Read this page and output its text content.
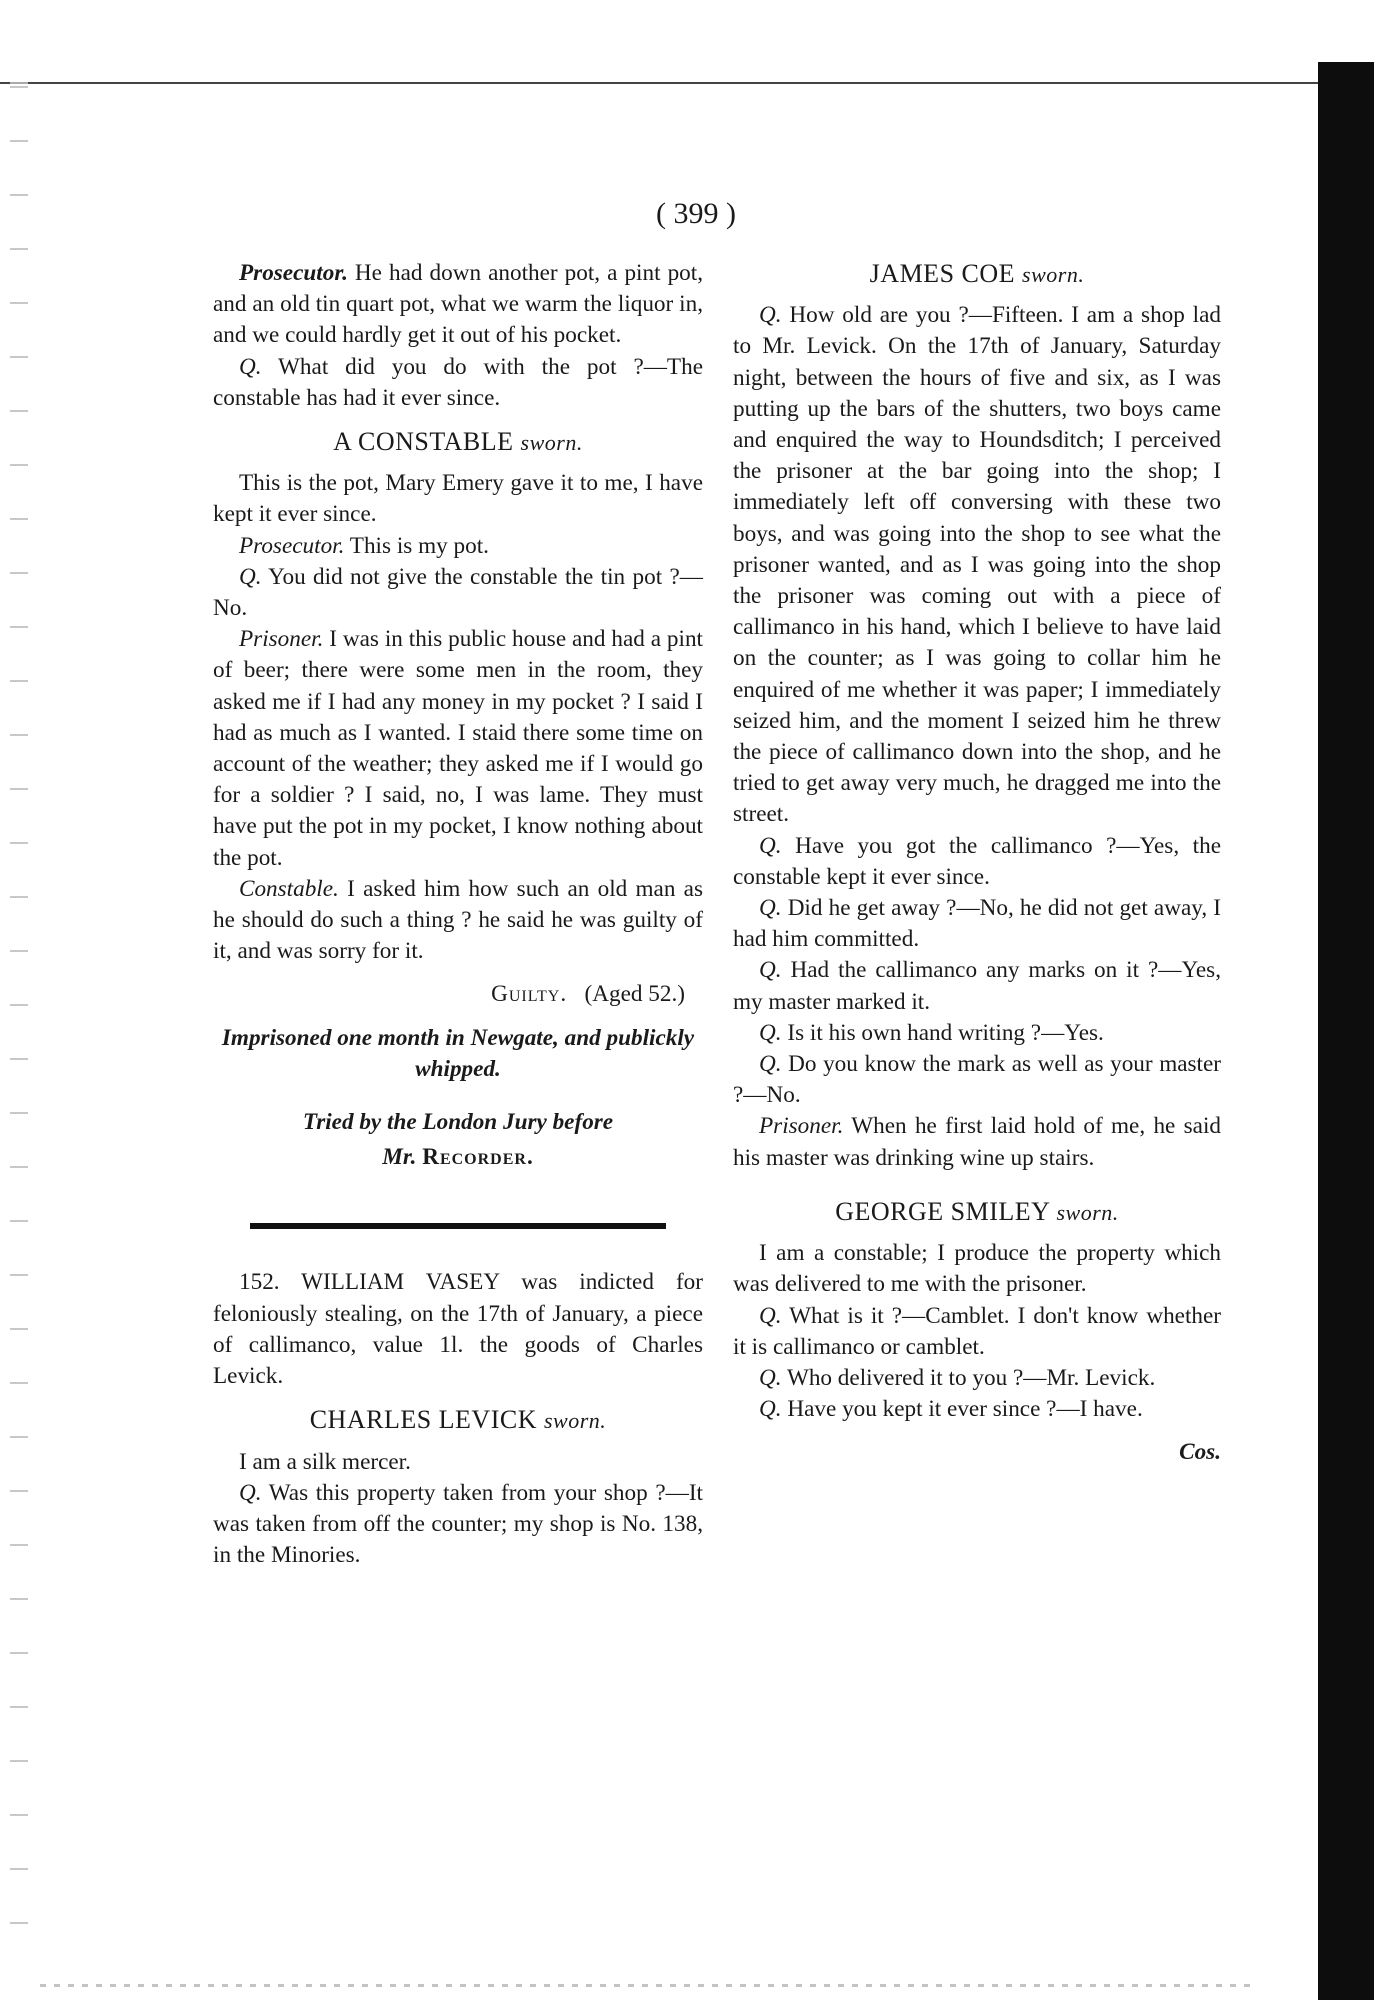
( 399 )

Prosecutor. He had down another pot, a pint pot, and an old tin quart pot, what we warm the liquor in, and we could hardly get it out of his pocket.

Q. What did you do with the pot ?—The constable has had it ever since.

A CONSTABLE sworn.

This is the pot, Mary Emery gave it to me, I have kept it ever since.

Prosecutor. This is my pot.

Q. You did not give the constable the tin pot ?—No.

Prisoner. I was in this public house and had a pint of beer; there were some men in the room, they asked me if I had any money in my pocket ? I said I had as much as I wanted. I staid there some time on account of the weather; they asked me if I would go for a soldier ? I said, no, I was lame. They must have put the pot in my pocket, I know nothing about the pot.

Constable. I asked him how such an old man as he should do such a thing ? he said he was guilty of it, and was sorry for it.

Guilty. (Aged 52.)

Imprisoned one month in Newgate, and publickly whipped.

Tried by the London Jury before

Mr. Recorder.

152. WILLIAM VASEY was indicted for feloniously stealing, on the 17th of January, a piece of callimanco, value 1l. the goods of Charles Levick.

CHARLES LEVICK sworn.

I am a silk mercer.

Q. Was this property taken from your shop ?—It was taken from off the counter; my shop is No. 138, in the Minories.

JAMES COE sworn.

Q. How old are you ?—Fifteen. I am a shop lad to Mr. Levick. On the 17th of January, Saturday night, between the hours of five and six, as I was putting up the bars of the shutters, two boys came and enquired the way to Houndsditch; I perceived the prisoner at the bar going into the shop; I immediately left off conversing with these two boys, and was going into the shop to see what the prisoner wanted, and as I was going into the shop the prisoner was coming out with a piece of callimanco in his hand, which I believe to have laid on the counter; as I was going to collar him he enquired of me whether it was paper; I immediately seized him, and the moment I seized him he threw the piece of callimanco down into the shop, and he tried to get away very much, he dragged me into the street.

Q. Have you got the callimanco ?—Yes, the constable kept it ever since.

Q. Did he get away ?—No, he did not get away, I had him committed.

Q. Had the callimanco any marks on it ?—Yes, my master marked it.

Q. Is it his own hand writing ?—Yes.

Q. Do you know the mark as well as your master ?—No.

Prisoner. When he first laid hold of me, he said his master was drinking wine up stairs.

GEORGE SMILEY sworn.

I am a constable; I produce the property which was delivered to me with the prisoner.

Q. What is it ?—Camblet. I don't know whether it is callimanco or camblet.

Q. Who delivered it to you ?—Mr. Levick.

Q. Have you kept it ever since ?—I have.

Cos.
